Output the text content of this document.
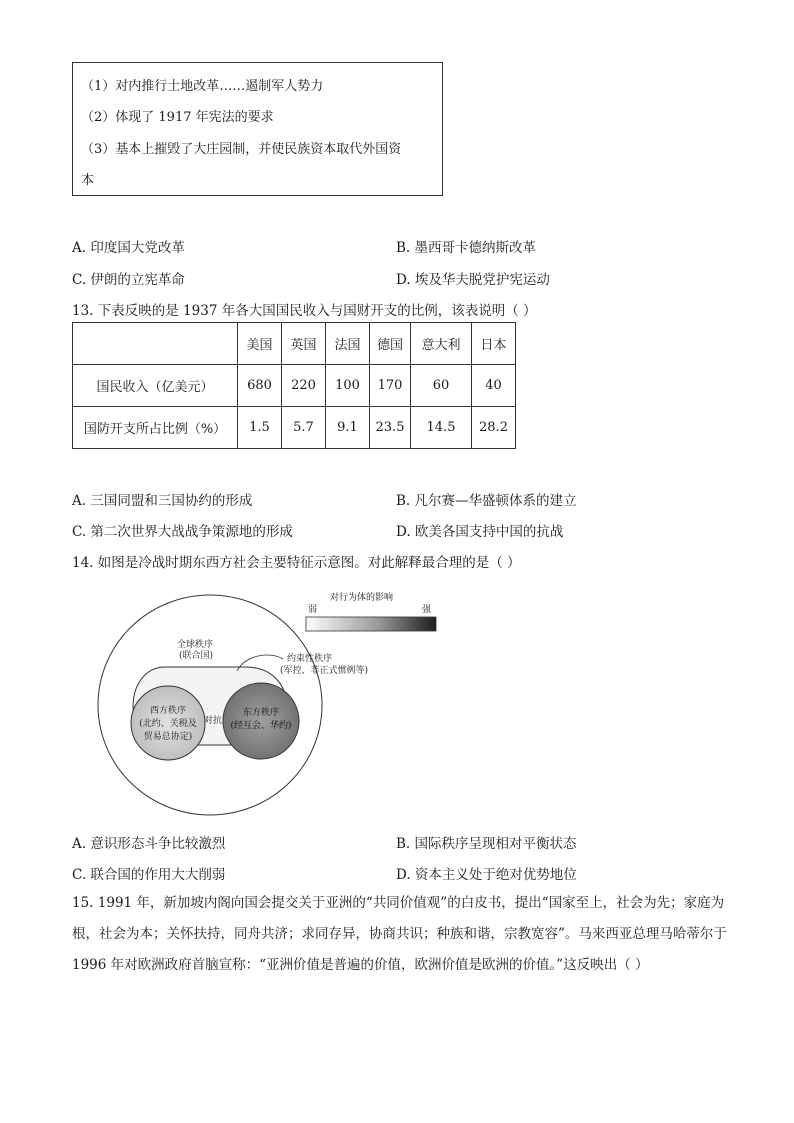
（1）对内推行土地改革……遏制军人势力
（2）体现了 1917 年宪法的要求
（3）基本上摧毁了大庄园制，并使民族资本取代外国资
本
A. 印度国大党改革	B. 墨西哥卡德纳斯改革
C. 伊朗的立宪革命	D. 埃及华夫脱党护宪运动
13. 下表反映的是 1937 年各大国国民收入与国财开支的比例，该表说明（ ）
	美国	英国	法国	德国	意大利	日本
国民收入（亿美元）	680	220	100	170	60	40
国防开支所占比例（%）	1.5	5.7	9.1	23.5	14.5	28.2
A. 三国同盟和三国协约的形成	B. 凡尔赛—华盛顿体系的建立
C. 第二次世界大战战争策源地的形成	D. 欧美各国支持中国的抗战
14. 如图是冷战时期东西方社会主要特征示意图。对此解释最合理的是（ ）
对行为体的影响
弱	强
全球秩序
(联合国)	约束性秩序
(军控、非正式惯例等)
西方秩序
(北约、关税及
贸易总协定)
对抗
东方秩序
(经互会、华约)
A. 意识形态斗争比较激烈	B. 国际秩序呈现相对平衡状态
C. 联合国的作用大大削弱	D. 资本主义处于绝对优势地位
15. 1991 年，新加坡内阁向国会提交关于亚洲的“共同价值观”的白皮书，提出“国家至上，社会为先；家庭为根，社会为本；关怀扶持，同舟共济；求同存异，协商共识；种族和谐，宗教宽容”。马来西亚总理马哈蒂尔于 1996 年对欧洲政府首脑宣称：“亚洲价值是普遍的价值，欧洲价值是欧洲的价值。”这反映出（ ）
